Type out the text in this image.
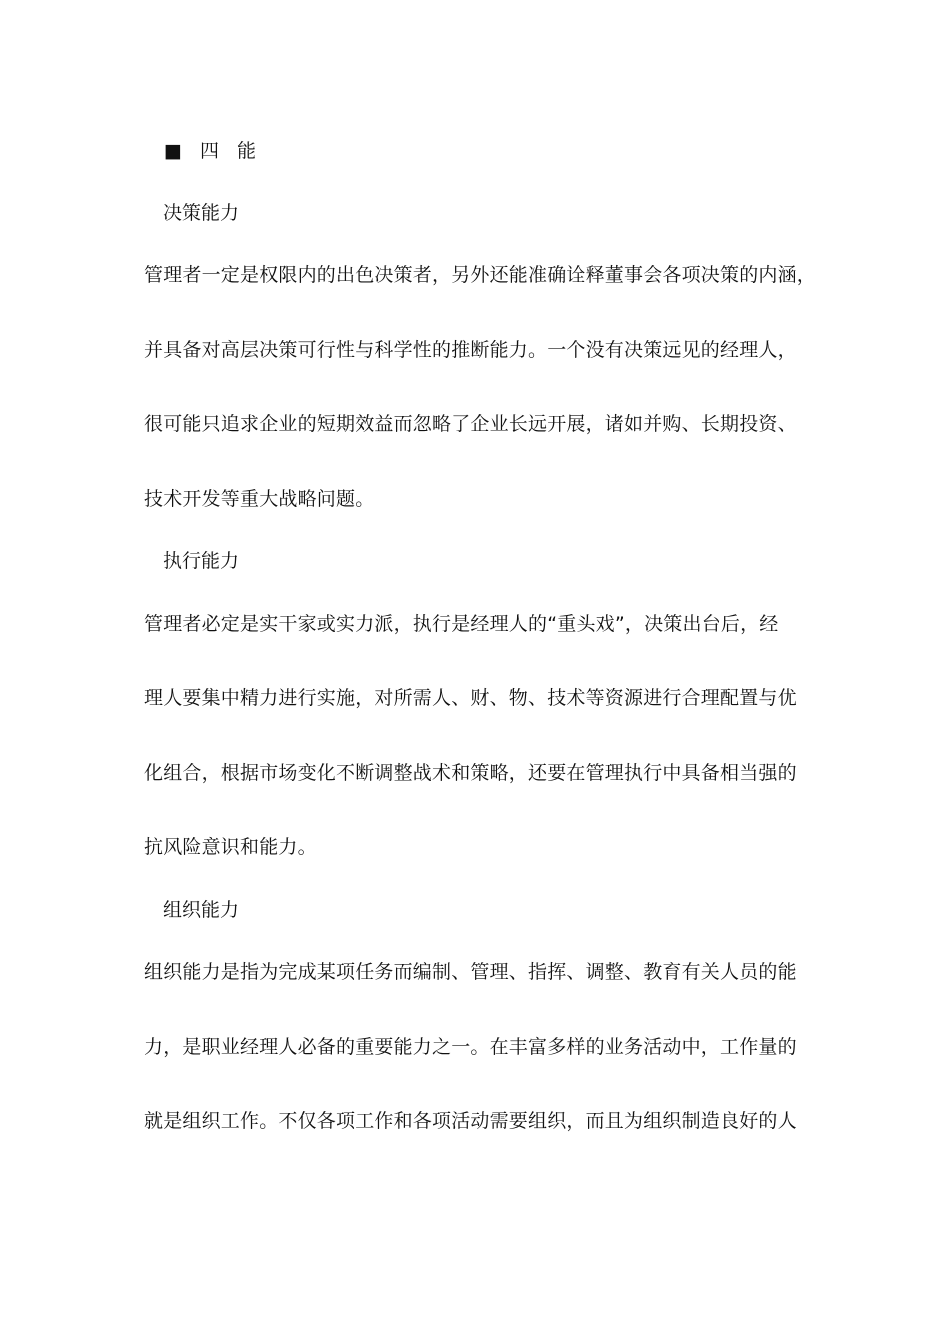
■ 四 能
决策能力
管理者一定是权限内的出色决策者，另外还能准确诠释董事会各项决策的内涵，
并具备对高层决策可行性与科学性的推断能力。一个没有决策远见的经理人，
很可能只追求企业的短期效益而忽略了企业长远开展，诸如并购、长期投资、
技术开发等重大战略问题。
执行能力
管理者必定是实干家或实力派，执行是经理人的“重头戏”，决策出台后，经
理人要集中精力进行实施，对所需人、财、物、技术等资源进行合理配置与优
化组合，根据市场变化不断调整战术和策略，还要在管理执行中具备相当强的
抗风险意识和能力。
组织能力
组织能力是指为完成某项任务而编制、管理、指挥、调整、教育有关人员的能
力，是职业经理人必备的重要能力之一。在丰富多样的业务活动中，工作量的
就是组织工作。不仅各项工作和各项活动需要组织，而且为组织制造良好的人
